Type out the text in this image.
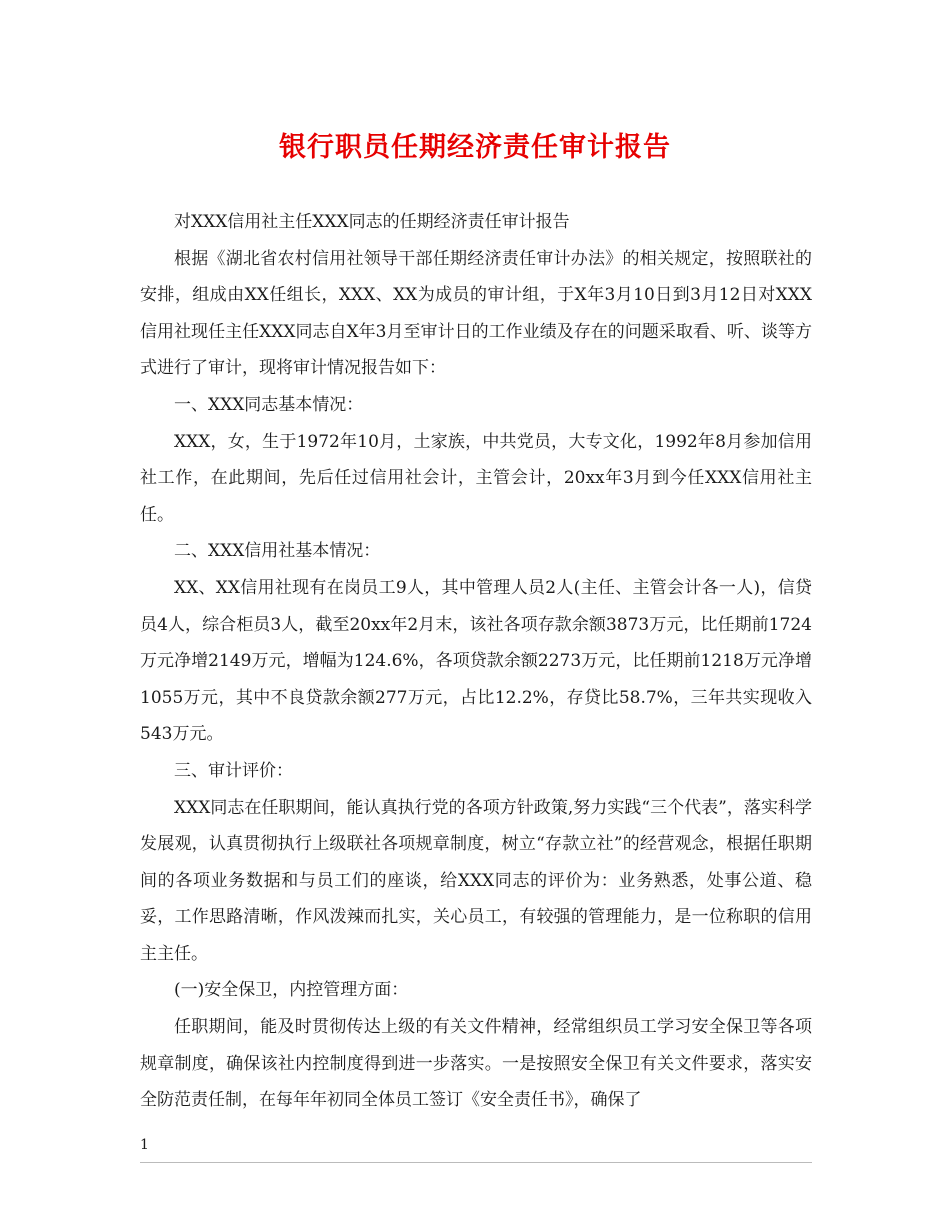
银行职员任期经济责任审计报告

对XXX信用社主任XXX同志的任期经济责任审计报告

根据《湖北省农村信用社领导干部任期经济责任审计办法》的相关规定，按照联社的安排，组成由XX任组长，XXX、XX为成员的审计组，于X年3月10日到3月12日对XXX信用社现任主任XXX同志自X年3月至审计日的工作业绩及存在的问题采取看、听、谈等方式进行了审计，现将审计情况报告如下：

一、XXX同志基本情况：

XXX，女，生于1972年10月，土家族，中共党员，大专文化，1992年8月参加信用社工作，在此期间，先后任过信用社会计，主管会计，20xx年3月到今任XXX信用社主任。

二、XXX信用社基本情况：

XX、XX信用社现有在岗员工9人，其中管理人员2人(主任、主管会计各一人)，信贷员4人，综合柜员3人，截至20xx年2月末，该社各项存款余额3873万元，比任期前1724万元净增2149万元，增幅为124.6%，各项贷款余额2273万元，比任期前1218万元净增1055万元，其中不良贷款余额277万元，占比12.2%，存贷比58.7%，三年共实现收入543万元。

三、审计评价：

XXX同志在任职期间，能认真执行党的各项方针政策,努力实践“三个代表”，落实科学发展观，认真贯彻执行上级联社各项规章制度，树立“存款立社”的经营观念，根据任职期间的各项业务数据和与员工们的座谈，给XXX同志的评价为：业务熟悉，处事公道、稳妥，工作思路清晰，作风泼辣而扎实，关心员工，有较强的管理能力，是一位称职的信用主主任。

(一)安全保卫，内控管理方面：

任职期间，能及时贯彻传达上级的有关文件精神，经常组织员工学习安全保卫等各项规章制度，确保该社内控制度得到进一步落实。一是按照安全保卫有关文件要求，落实安全防范责任制，在每年年初同全体员工签订《安全责任书》，确保了

1
